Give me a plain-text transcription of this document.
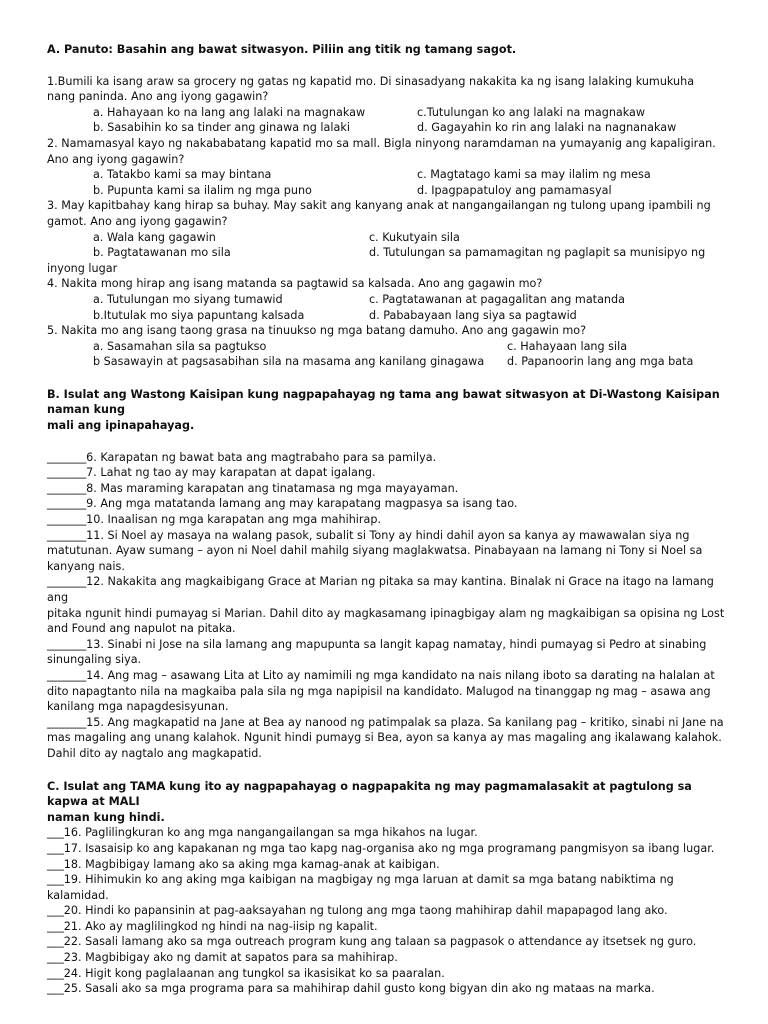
A. Panuto: Basahin ang bawat sitwasyon. Piliin ang titik ng tamang sagot.
1.Bumili ka isang araw sa grocery ng gatas ng kapatid mo. Di sinasadyang nakakita ka ng isang lalaking kumukuha
nang paninda. Ano ang iyong gagawin?
a. Hahayaan ko na lang ang lalaki na magnakaw	c.Tutulungan ko ang lalaki na magnakaw
b. Sasabihin ko sa tinder ang ginawa ng lalaki	d. Gagayahin ko rin ang lalaki na nagnanakaw
2. Namamasyal kayo ng nakababatang kapatid mo sa mall. Bigla ninyong naramdaman na yumayanig ang kapaligiran.
Ano ang iyong gagawin?
a. Tatakbo kami sa may bintana	c. Magtatago kami sa may ilalim ng mesa
b. Pupunta kami sa ilalim ng mga puno	d. Ipagpapatuloy ang pamamasyal
3. May kapitbahay kang hirap sa buhay. May sakit ang kanyang anak at nangangailangan ng tulong upang ipambili ng
gamot. Ano ang iyong gagawin?
a. Wala kang gagawin	c. Kukutyain sila
b. Pagtatawanan mo sila	d. Tutulungan sa pamamagitan ng paglapit sa munisipyo ng
inyong lugar
4. Nakita mong hirap ang isang matanda sa pagtawid sa kalsada. Ano ang gagawin mo?
a. Tutulungan mo siyang tumawid	c. Pagtatawanan at pagagalitan ang matanda
b.Itutulak mo siya papuntang kalsada	d. Pababayaan lang siya sa pagtawid
5. Nakita mo ang isang taong grasa na tinuukso ng mga batang damuho. Ano ang gagawin mo?
a. Sasamahan sila sa pagtukso	c. Hahayaan lang sila
b Sasawayin at pagsasabihan sila na masama ang kanilang ginagawa	d. Papanoorin lang ang mga bata
B. Isulat ang Wastong Kaisipan kung nagpapahayag ng tama ang bawat sitwasyon at Di-Wastong Kaisipan naman kung
mali ang ipinapahayag.
_______6. Karapatan ng bawat bata ang magtrabaho para sa pamilya.
_______7. Lahat ng tao ay may karapatan at dapat igalang.
_______8. Mas maraming karapatan ang tinatamasa ng mga mayayaman.
_______9. Ang mga matatanda lamang ang may karapatang magpasya sa isang tao.
_______10. Inaalisan ng mga karapatan ang mga mahihirap.
_______11. Si Noel ay masaya na walang pasok, subalit si Tony ay hindi dahil ayon sa kanya ay mawawalan siya ng
matutunan. Ayaw sumang – ayon ni Noel dahil mahilg siyang maglakwatsa. Pinabayaan na lamang ni Tony si Noel sa
kanyang nais.
_______12. Nakakita ang magkaibigang Grace at Marian ng pitaka sa may kantina. Binalak ni Grace na itago na lamang ang
pitaka ngunit hindi pumayag si Marian. Dahil dito ay magkasamang ipinagbigay alam ng magkaibigan sa opisina ng Lost
and Found ang napulot na pitaka.
_______13. Sinabi ni Jose na sila lamang ang mapupunta sa langit kapag namatay, hindi pumayag si Pedro at sinabing
sinungaling siya.
_______14. Ang mag – asawang Lita at Lito ay namimili ng mga kandidato na nais nilang iboto sa darating na halalan at
dito napagtanto nila na magkaiba pala sila ng mga napipisil na kandidato. Malugod na tinanggap ng mag – asawa ang
kanilang mga napagdesisyunan.
_______15. Ang magkapatid na Jane at Bea ay nanood ng patimpalak sa plaza. Sa kanilang pag – kritiko, sinabi ni Jane na
mas magaling ang unang kalahok. Ngunit hindi pumayg si Bea, ayon sa kanya ay mas magaling ang ikalawang kalahok.
Dahil dito ay nagtalo ang magkapatid.
C. Isulat ang TAMA kung ito ay nagpapahayag o nagpapakita ng may pagmamalasakit at pagtulong sa kapwa at MALI
naman kung hindi.
___16. Paglilingkuran ko ang mga nangangailangan sa mga hikahos na lugar.
___17. Isasaisip ko ang kapakanan ng mga tao kapg nag-organisa ako ng mga programang pangmisyon sa ibang lugar.
___18. Magbibigay lamang ako sa aking mga kamag-anak at kaibigan.
___19. Hihimukin ko ang aking mga kaibigan na magbigay ng mga laruan at damit sa mga batang nabiktima ng kalamidad.
___20. Hindi ko papansinin at pag-aaksayahan ng tulong ang mga taong mahihirap dahil mapapagod lang ako.
___21. Ako ay maglilingkod ng hindi na nag-iisip ng kapalit.
___22. Sasali lamang ako sa mga outreach program kung ang talaan sa pagpasok o attendance ay itsetsek ng guro.
___23. Magbibigay ako ng damit at sapatos para sa mahihirap.
___24. Higit kong paglalaanan ang tungkol sa ikasisikat ko sa paaralan.
___25. Sasali ako sa mga programa para sa mahihirap dahil gusto kong bigyan din ako ng mataas na marka.
